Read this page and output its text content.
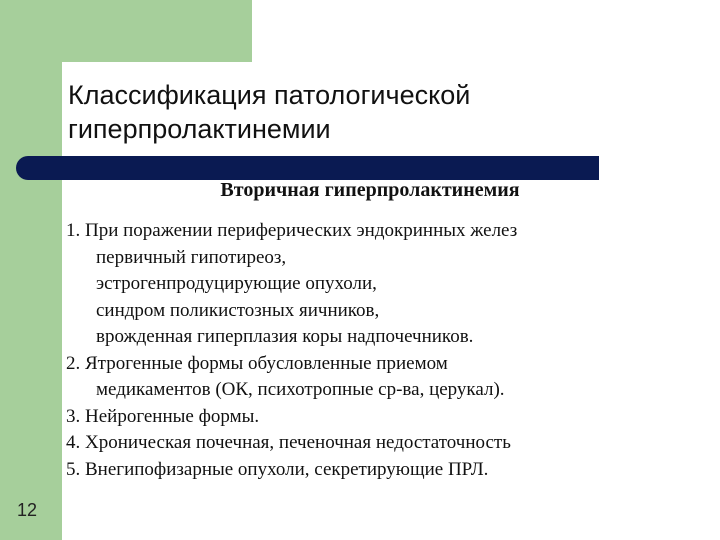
Классификация патологической
гиперпролактинемии
Вторичная гиперпролактинемия
1. При поражении периферических эндокринных желез
первичный гипотиреоз,
эстрогенпродуцирующие опухоли,
синдром поликистозных яичников,
врожденная гиперплазия коры надпочечников.
2. Ятрогенные формы обусловленные приемом
медикаментов (ОК, психотропные ср-ва, церукал).
3. Нейрогенные формы.
4. Хроническая почечная, печеночная недостаточность
5. Внегипофизарные опухоли, секретирующие ПРЛ.
12
